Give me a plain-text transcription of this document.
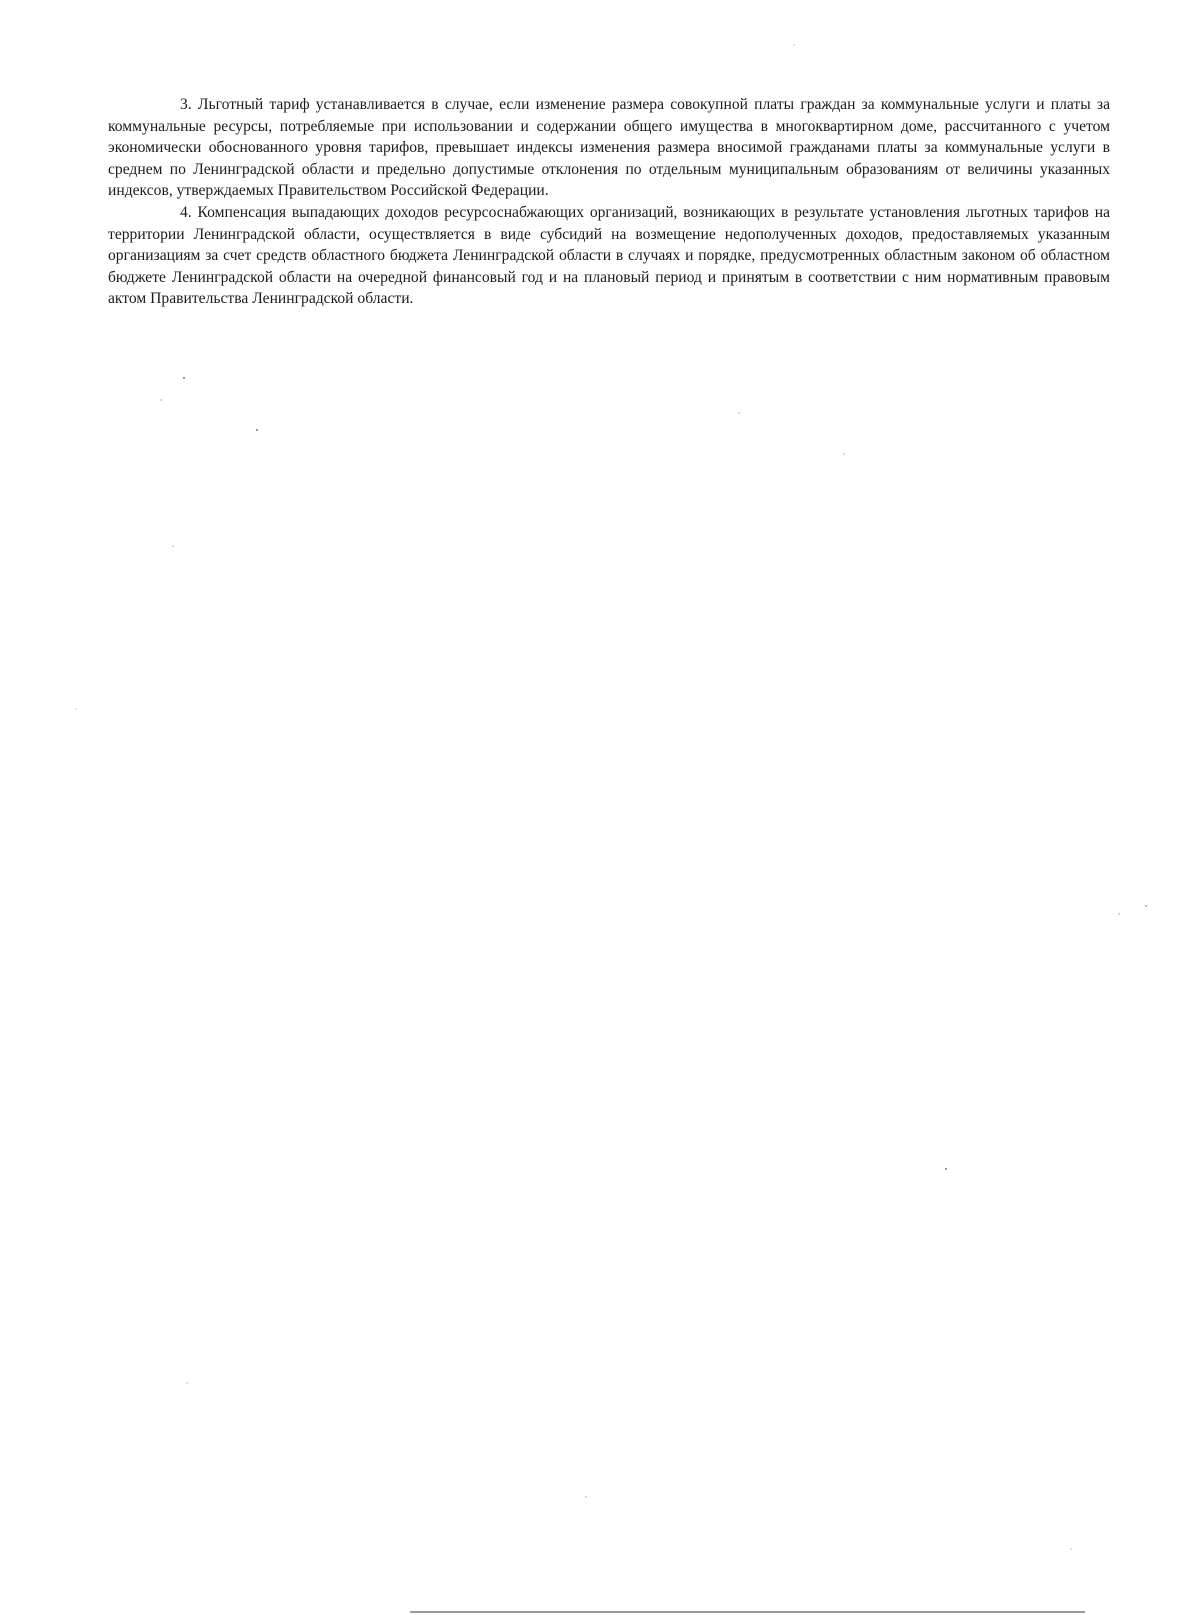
3. Льготный тариф устанавливается в случае, если изменение размера совокупной платы граждан за коммунальные услуги и платы за коммунальные ресурсы, потребляемые при использовании и содержании общего имущества в многоквартирном доме, рассчитанного с учетом экономически обоснованного уровня тарифов, превышает индексы изменения размера вносимой гражданами платы за коммунальные услуги в среднем по Ленинградской области и предельно допустимые отклонения по отдельным муниципальным образованиям от величины указанных индексов, утверждаемых Правительством Российской Федерации.

4. Компенсация выпадающих доходов ресурсоснабжающих организаций, возникающих в результате установления льготных тарифов на территории Ленинградской области, осуществляется в виде субсидий на возмещение недополученных доходов, предоставляемых указанным организациям за счет средств областного бюджета Ленинградской области в случаях и порядке, предусмотренных областным законом об областном бюджете Ленинградской области на очередной финансовый год и на плановый период и принятым в соответствии с ним нормативным правовым актом Правительства Ленинградской области.
